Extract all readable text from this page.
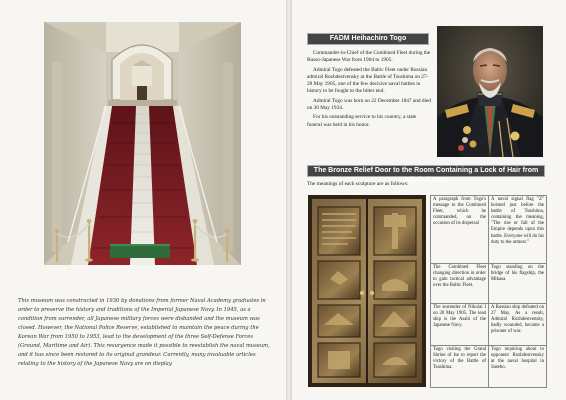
This museum was constructed in 1936 by donations from former Naval Academy graduates in order to preserve the history and traditions of the Imperial Japanese Navy. In 1945, as a condition from surrender, all Japanese military forces were disbanded and the museum was closed. However, the National Police Reserve, established to maintain the peace during the Korean War from 1950 to 1953, lead to the development of the three Self-Defense Forces (Ground, Maritime and Air). This resurgence made it possible to reestablish the naval museum, and it has since been restored to its original grandeur. Currently, many invaluable articles relating to the history of the Japanese Navy are on display.

FADM Heihachiro Togo

Commander-in-Chief of the Combined Fleet during the Russo-Japanese War from 1904 to 1905.

Admiral Togo defeated the Baltic Fleet under Russian admiral Rozhdestvensky at the Battle of Tsushima on 27-28 May 1905, one of the few decisive naval battles in history to be fought to the bitter end.

Admiral Togo was born on 22 December 1847 and died on 30 May 1934.

For his outstanding service to his country, a state funeral was held in his honor.

The Bronze Relief Door to the Room Containing a Lock of Hair from Admiral Togo
The meanings of each sculpture are as follows:
A paragraph from Togo's message to the Combined Fleet, which he commanded, on the occasion of its dispersal	A naval signal flag "Z" hoisted just before the battle of Tsushima, containing the meaning, "The rise or fall of the Empire depends upon this battle. Everyone will do his duty to the utmost."
The Combined Fleet changing direction in order to gain tactical advantage over the Baltic Fleet.	Togo standing on the bridge of his flagship, the Mikasa.
The surrender of Nikolai I on 28 May 1905. The lead ship is the Asahi of the Japanese Navy.	A Russian ship defeated on 27 May. As a result, Admiral Rozhdestvensky, badly wounded, became a prisoner of war.
Togo visiting the Grand Shrine of Ise to report the victory of the Battle of Tsushima.	Togo inquiring about to opponent Rozhdestvensky at the naval hospital in Sasebo.
